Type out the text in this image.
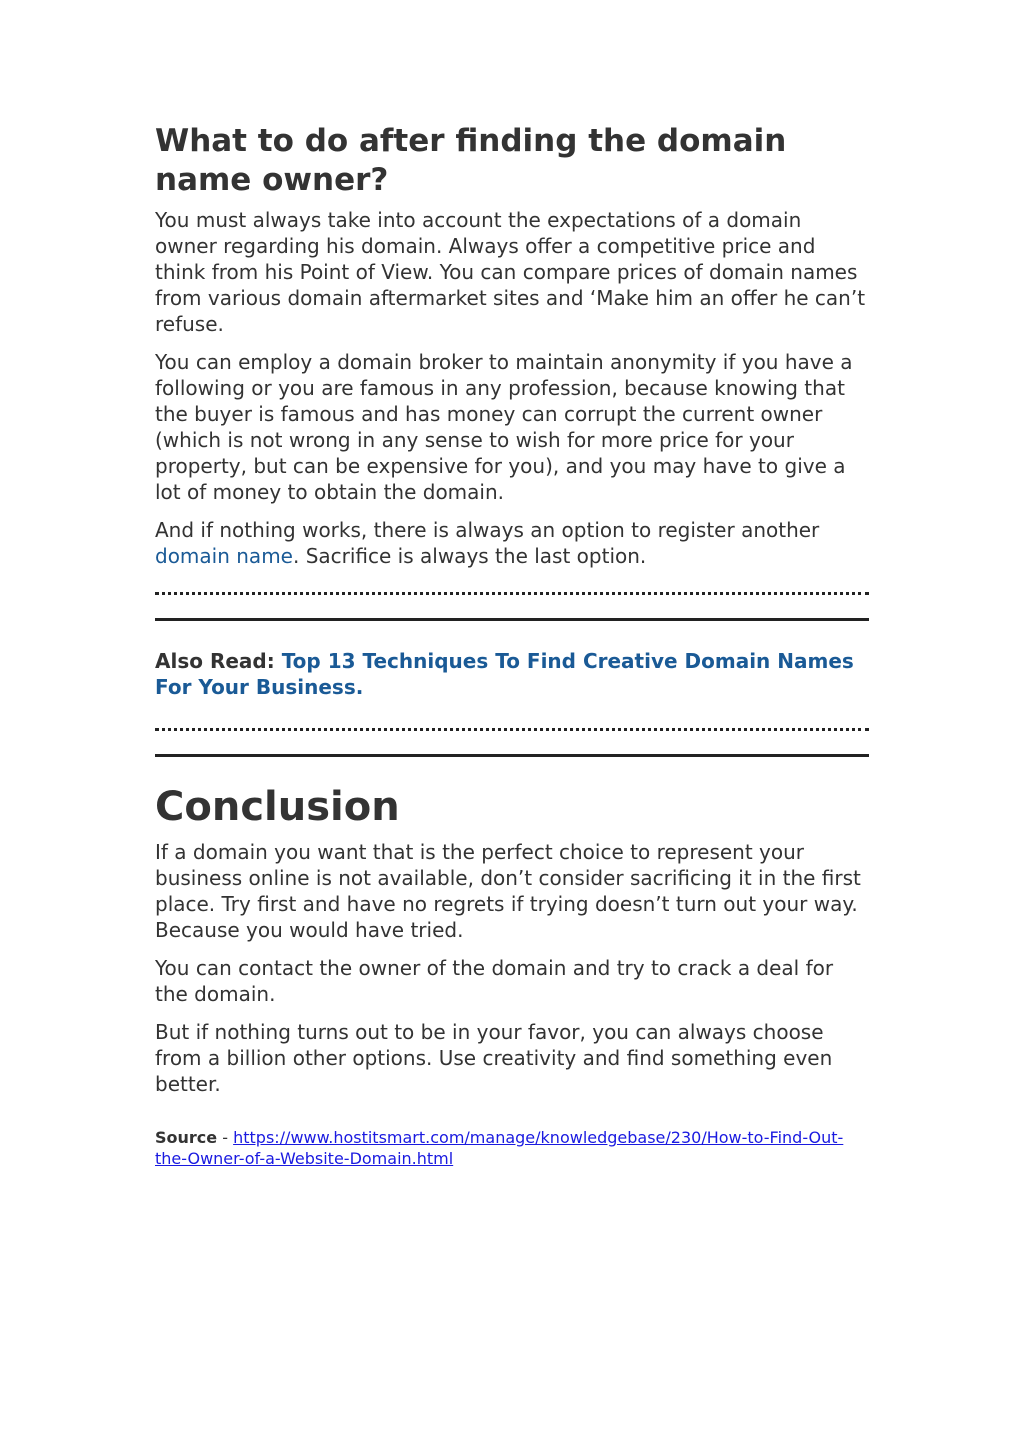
What to do after finding the domain name owner?

You must always take into account the expectations of a domain owner regarding his domain. Always offer a competitive price and think from his Point of View. You can compare prices of domain names from various domain aftermarket sites and ‘Make him an offer he can’t refuse.

You can employ a domain broker to maintain anonymity if you have a following or you are famous in any profession, because knowing that the buyer is famous and has money can corrupt the current owner (which is not wrong in any sense to wish for more price for your property, but can be expensive for you), and you may have to give a lot of money to obtain the domain.

And if nothing works, there is always an option to register another domain name. Sacrifice is always the last option.

Also Read: Top 13 Techniques To Find Creative Domain Names For Your Business.

Conclusion

If a domain you want that is the perfect choice to represent your business online is not available, don’t consider sacrificing it in the first place. Try first and have no regrets if trying doesn’t turn out your way. Because you would have tried.

You can contact the owner of the domain and try to crack a deal for the domain.

But if nothing turns out to be in your favor, you can always choose from a billion other options. Use creativity and find something even better.

Source - https://www.hostitsmart.com/manage/knowledgebase/230/How-to-Find-Out-the-Owner-of-a-Website-Domain.html
